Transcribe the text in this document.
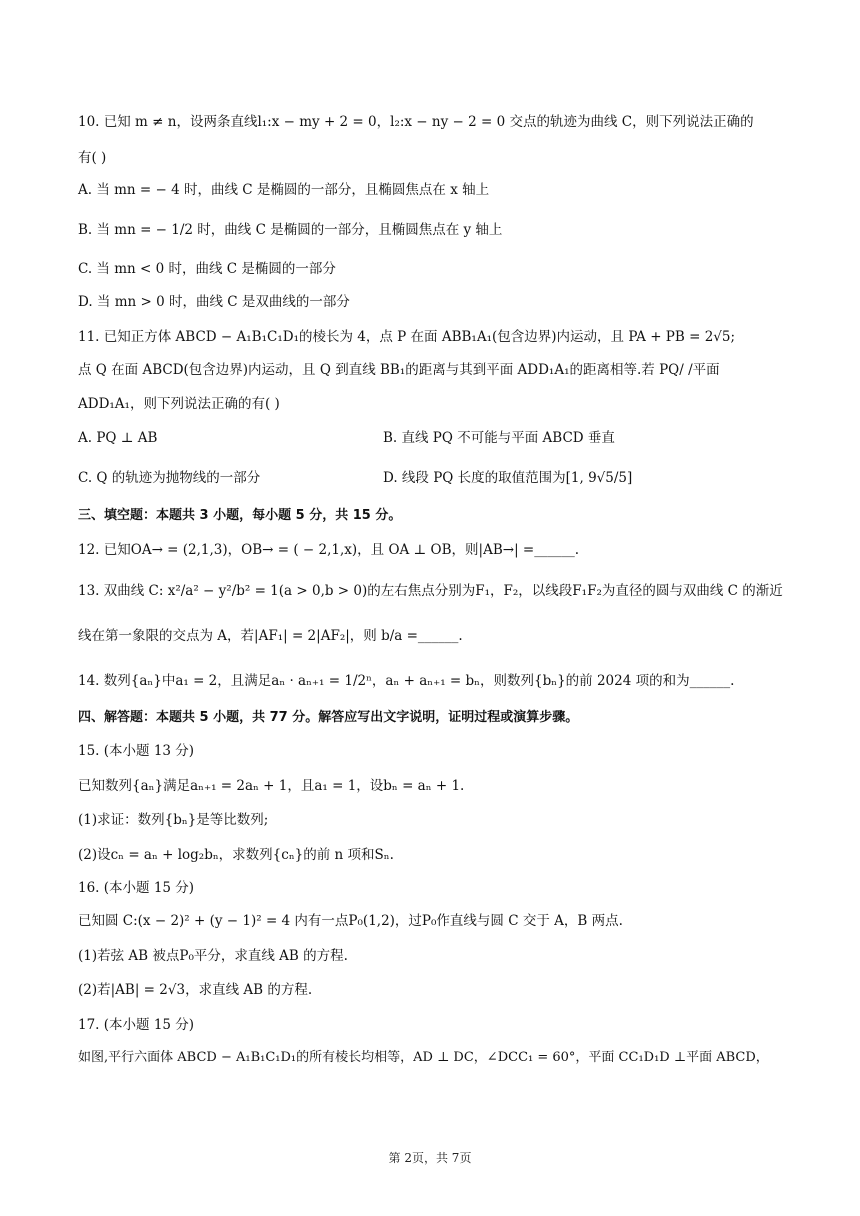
10. 已知 m ≠ n，设两条直线l₁:x − my + 2 = 0，l₂:x − ny − 2 = 0 交点的轨迹为曲线 C，则下列说法正确的
有( )
A. 当 mn = − 4 时，曲线 C 是椭圆的一部分，且椭圆焦点在 x 轴上
B. 当 mn = − 1/2 时，曲线 C 是椭圆的一部分，且椭圆焦点在 y 轴上
C. 当 mn < 0 时，曲线 C 是椭圆的一部分
D. 当 mn > 0 时，曲线 C 是双曲线的一部分
11. 已知正方体 ABCD − A₁B₁C₁D₁的棱长为 4，点 P 在面 ABB₁A₁(包含边界)内运动，且 PA + PB = 2√5;
点 Q 在面 ABCD(包含边界)内运动，且 Q 到直线 BB₁的距离与其到平面 ADD₁A₁的距离相等.若 PQ/ /平面
ADD₁A₁，则下列说法正确的有( )
A. PQ ⊥ AB	B. 直线 PQ 不可能与平面 ABCD 垂直
C. Q 的轨迹为抛物线的一部分	D. 线段 PQ 长度的取值范围为[1, 9√5/5]
三、填空题：本题共 3 小题，每小题 5 分，共 15 分。
12. 已知OA→ = (2,1,3)，OB→ = ( − 2,1,x)，且 OA ⊥ OB，则|AB→| =______.
13. 双曲线 C: x²/a² − y²/b² = 1(a > 0,b > 0)的左右焦点分别为F₁，F₂，以线段F₁F₂为直径的圆与双曲线 C 的渐近
线在第一象限的交点为 A，若|AF₁| = 2|AF₂|，则 b/a =______.
14. 数列{aₙ}中a₁ = 2，且满足aₙ · aₙ₊₁ = 1/2ⁿ，aₙ + aₙ₊₁ = bₙ，则数列{bₙ}的前 2024 项的和为______.
四、解答题：本题共 5 小题，共 77 分。解答应写出文字说明，证明过程或演算步骤。
15. (本小题 13 分)
已知数列{aₙ}满足aₙ₊₁ = 2aₙ + 1，且a₁ = 1，设bₙ = aₙ + 1.
(1)求证：数列{bₙ}是等比数列;
(2)设cₙ = aₙ + log₂bₙ，求数列{cₙ}的前 n 项和Sₙ.
16. (本小题 15 分)
已知圆 C:(x − 2)² + (y − 1)² = 4 内有一点P₀(1,2)，过P₀作直线与圆 C 交于 A，B 两点.
(1)若弦 AB 被点P₀平分，求直线 AB 的方程.
(2)若|AB| = 2√3，求直线 AB 的方程.
17. (本小题 15 分)
如图,平行六面体 ABCD − A₁B₁C₁D₁的所有棱长均相等，AD ⊥ DC，∠DCC₁ = 60°，平面 CC₁D₁D ⊥平面 ABCD，
第 2页，共 7页
